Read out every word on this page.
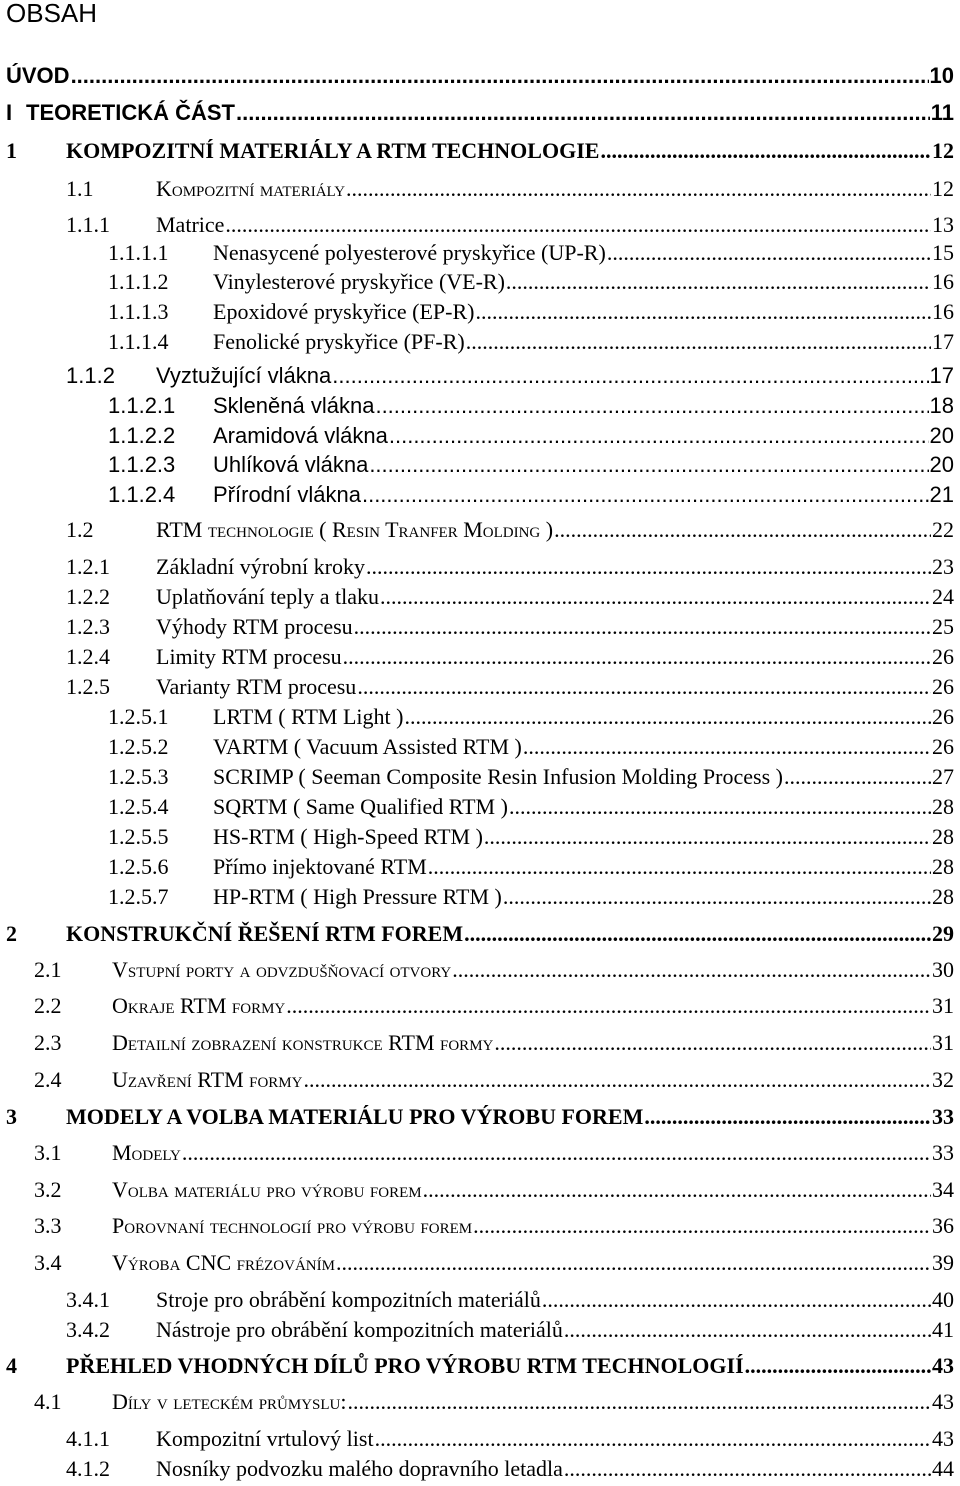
OBSAH
ÚVOD .....	10
I TEORETICKÁ ČÁST .....	11
1	KOMPOZITNÍ MATERIÁLY A RTM TECHNOLOGIE .....	12
1.1	Kompozitní materiály .....	12
1.1.1	Matrice .....	13
1.1.1.1	Nenasycené polyesterové pryskyřice (UP-R) .....	15
1.1.1.2	Vinylesterové pryskyřice (VE-R) .....	16
1.1.1.3	Epoxidové pryskyřice (EP-R) .....	16
1.1.1.4	Fenolické pryskyřice (PF-R) .....	17
1.1.2	Vyztužující vlákna .....	17
1.1.2.1	Skleněná vlákna .....	18
1.1.2.2	Aramidová vlákna .....	20
1.1.2.3	Uhlíková vlákna .....	20
1.1.2.4	Přírodní vlákna .....	21
1.2	RTM technologie ( Resin Tranfer Molding ) .....	22
1.2.1	Základní výrobní kroky .....	23
1.2.2	Uplatňování teply a tlaku .....	24
1.2.3	Výhody RTM procesu .....	25
1.2.4	Limity RTM procesu .....	26
1.2.5	Varianty RTM procesu .....	26
1.2.5.1	LRTM ( RTM Light ) .....	26
1.2.5.2	VARTM ( Vacuum Assisted RTM ) .....	26
1.2.5.3	SCRIMP ( Seeman Composite Resin Infusion Molding Process ) .....	27
1.2.5.4	SQRTM ( Same Qualified RTM ) .....	28
1.2.5.5	HS-RTM ( High-Speed RTM ) .....	28
1.2.5.6	Přímo injektované RTM .....	28
1.2.5.7	HP-RTM ( High Pressure RTM ) .....	28
2	KONSTRUKČNÍ ŘEŠENÍ RTM FOREM .....	29
2.1	Vstupní porty a odvzdušňovací otvory .....	30
2.2	Okraje RTM formy .....	31
2.3	Detailní zobrazení konstrukce RTM formy .....	31
2.4	Uzavření RTM formy .....	32
3	MODELY A VOLBA MATERIÁLU PRO VÝROBU FOREM .....	33
3.1	Modely .....	33
3.2	Volba materiálu pro výrobu forem .....	34
3.3	Porovnaní technologií pro výrobu forem .....	36
3.4	Výroba CNC frézováním .....	39
3.4.1	Stroje pro obrábění kompozitních materiálů .....	40
3.4.2	Nástroje pro obrábění kompozitních materiálů .....	41
4	PŘEHLED VHODNÝCH DÍLŮ PRO VÝROBU RTM TECHNOLOGIÍ .....	43
4.1	Díly v leteckém průmyslu: .....	43
4.1.1	Kompozitní vrtulový list .....	43
4.1.2	Nosníky podvozku malého dopravního letadla .....	44
